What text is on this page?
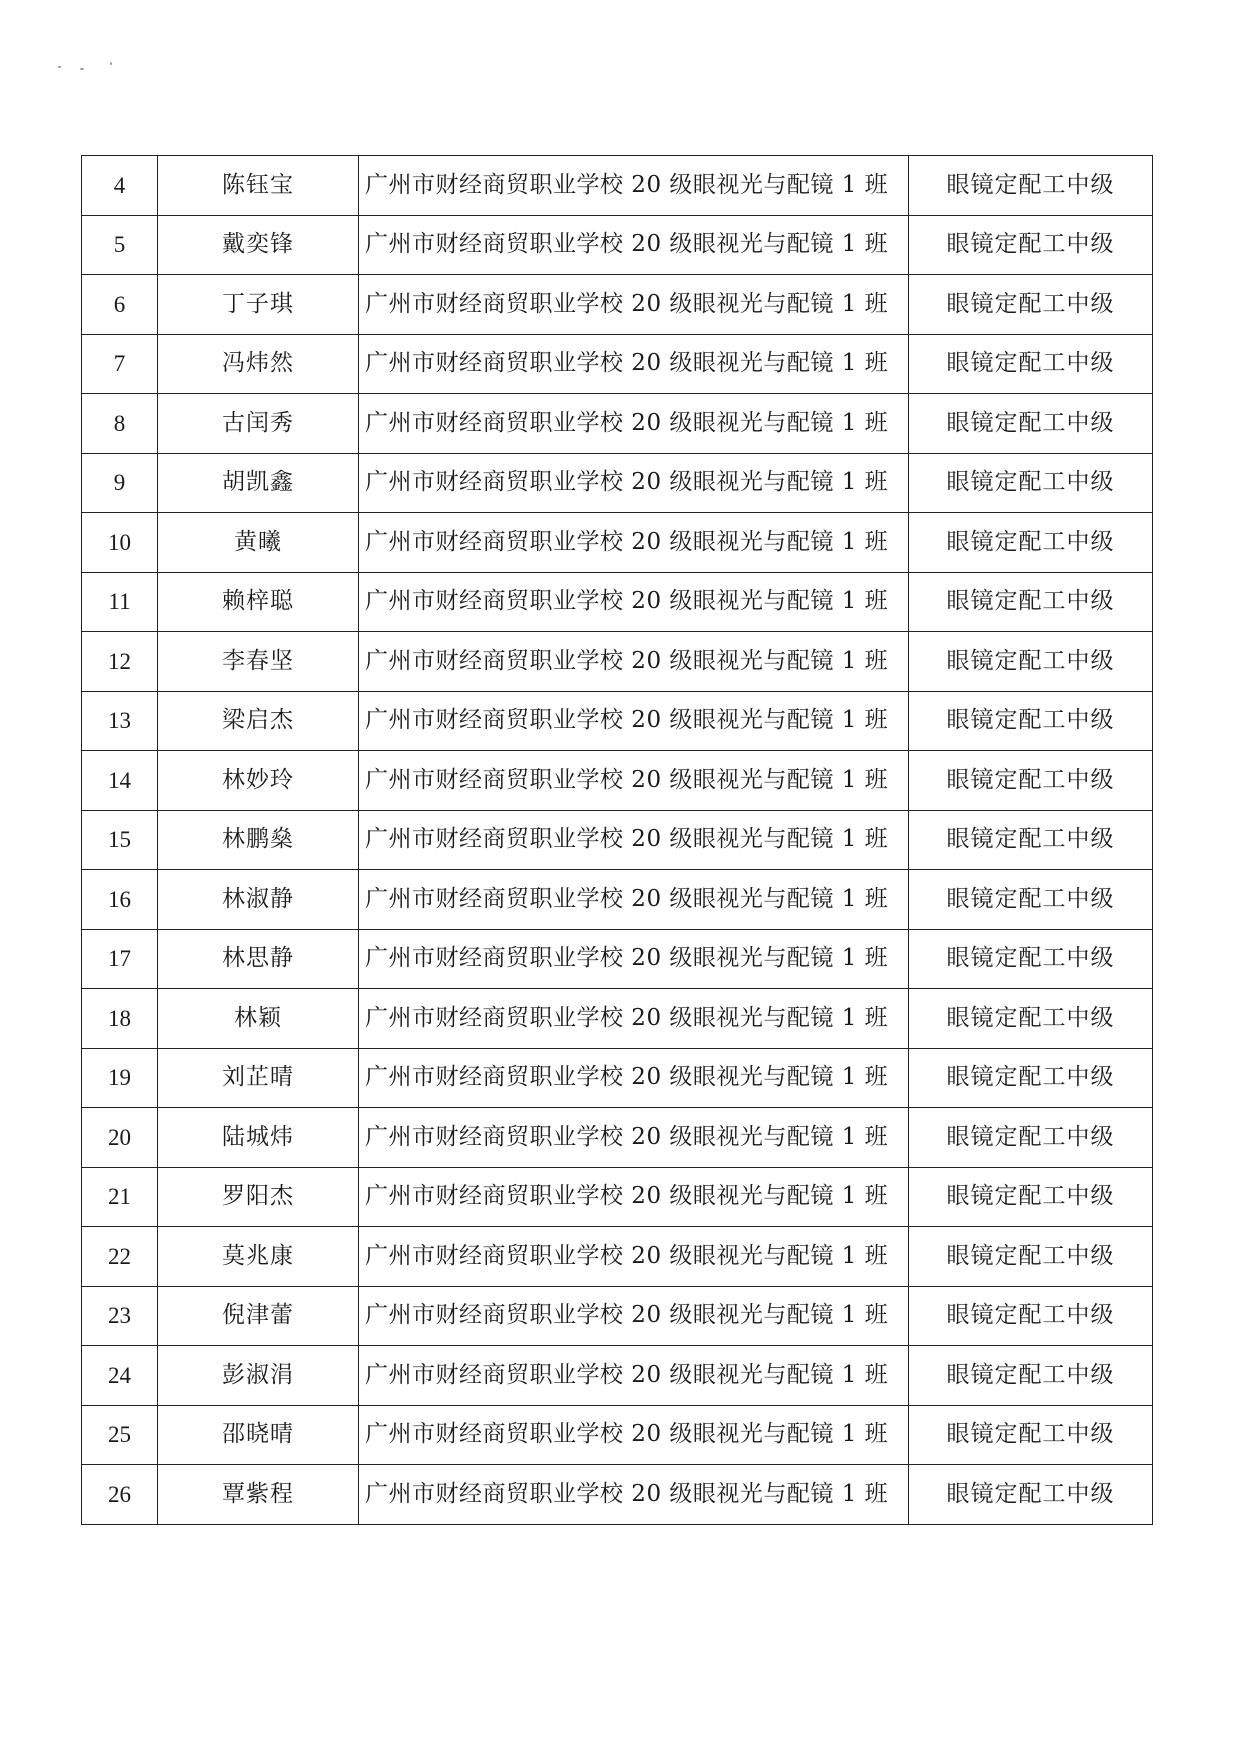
4	陈钰宝	广州市财经商贸职业学校 20 级眼视光与配镜 1 班	眼镜定配工中级
5	戴奕锋	广州市财经商贸职业学校 20 级眼视光与配镜 1 班	眼镜定配工中级
6	丁子琪	广州市财经商贸职业学校 20 级眼视光与配镜 1 班	眼镜定配工中级
7	冯炜然	广州市财经商贸职业学校 20 级眼视光与配镜 1 班	眼镜定配工中级
8	古闰秀	广州市财经商贸职业学校 20 级眼视光与配镜 1 班	眼镜定配工中级
9	胡凯鑫	广州市财经商贸职业学校 20 级眼视光与配镜 1 班	眼镜定配工中级
10	黄曦	广州市财经商贸职业学校 20 级眼视光与配镜 1 班	眼镜定配工中级
11	赖梓聪	广州市财经商贸职业学校 20 级眼视光与配镜 1 班	眼镜定配工中级
12	李春坚	广州市财经商贸职业学校 20 级眼视光与配镜 1 班	眼镜定配工中级
13	梁启杰	广州市财经商贸职业学校 20 级眼视光与配镜 1 班	眼镜定配工中级
14	林妙玲	广州市财经商贸职业学校 20 级眼视光与配镜 1 班	眼镜定配工中级
15	林鹏燊	广州市财经商贸职业学校 20 级眼视光与配镜 1 班	眼镜定配工中级
16	林淑静	广州市财经商贸职业学校 20 级眼视光与配镜 1 班	眼镜定配工中级
17	林思静	广州市财经商贸职业学校 20 级眼视光与配镜 1 班	眼镜定配工中级
18	林颖	广州市财经商贸职业学校 20 级眼视光与配镜 1 班	眼镜定配工中级
19	刘芷晴	广州市财经商贸职业学校 20 级眼视光与配镜 1 班	眼镜定配工中级
20	陆城炜	广州市财经商贸职业学校 20 级眼视光与配镜 1 班	眼镜定配工中级
21	罗阳杰	广州市财经商贸职业学校 20 级眼视光与配镜 1 班	眼镜定配工中级
22	莫兆康	广州市财经商贸职业学校 20 级眼视光与配镜 1 班	眼镜定配工中级
23	倪津蕾	广州市财经商贸职业学校 20 级眼视光与配镜 1 班	眼镜定配工中级
24	彭淑涓	广州市财经商贸职业学校 20 级眼视光与配镜 1 班	眼镜定配工中级
25	邵晓晴	广州市财经商贸职业学校 20 级眼视光与配镜 1 班	眼镜定配工中级
26	覃紫程	广州市财经商贸职业学校 20 级眼视光与配镜 1 班	眼镜定配工中级
